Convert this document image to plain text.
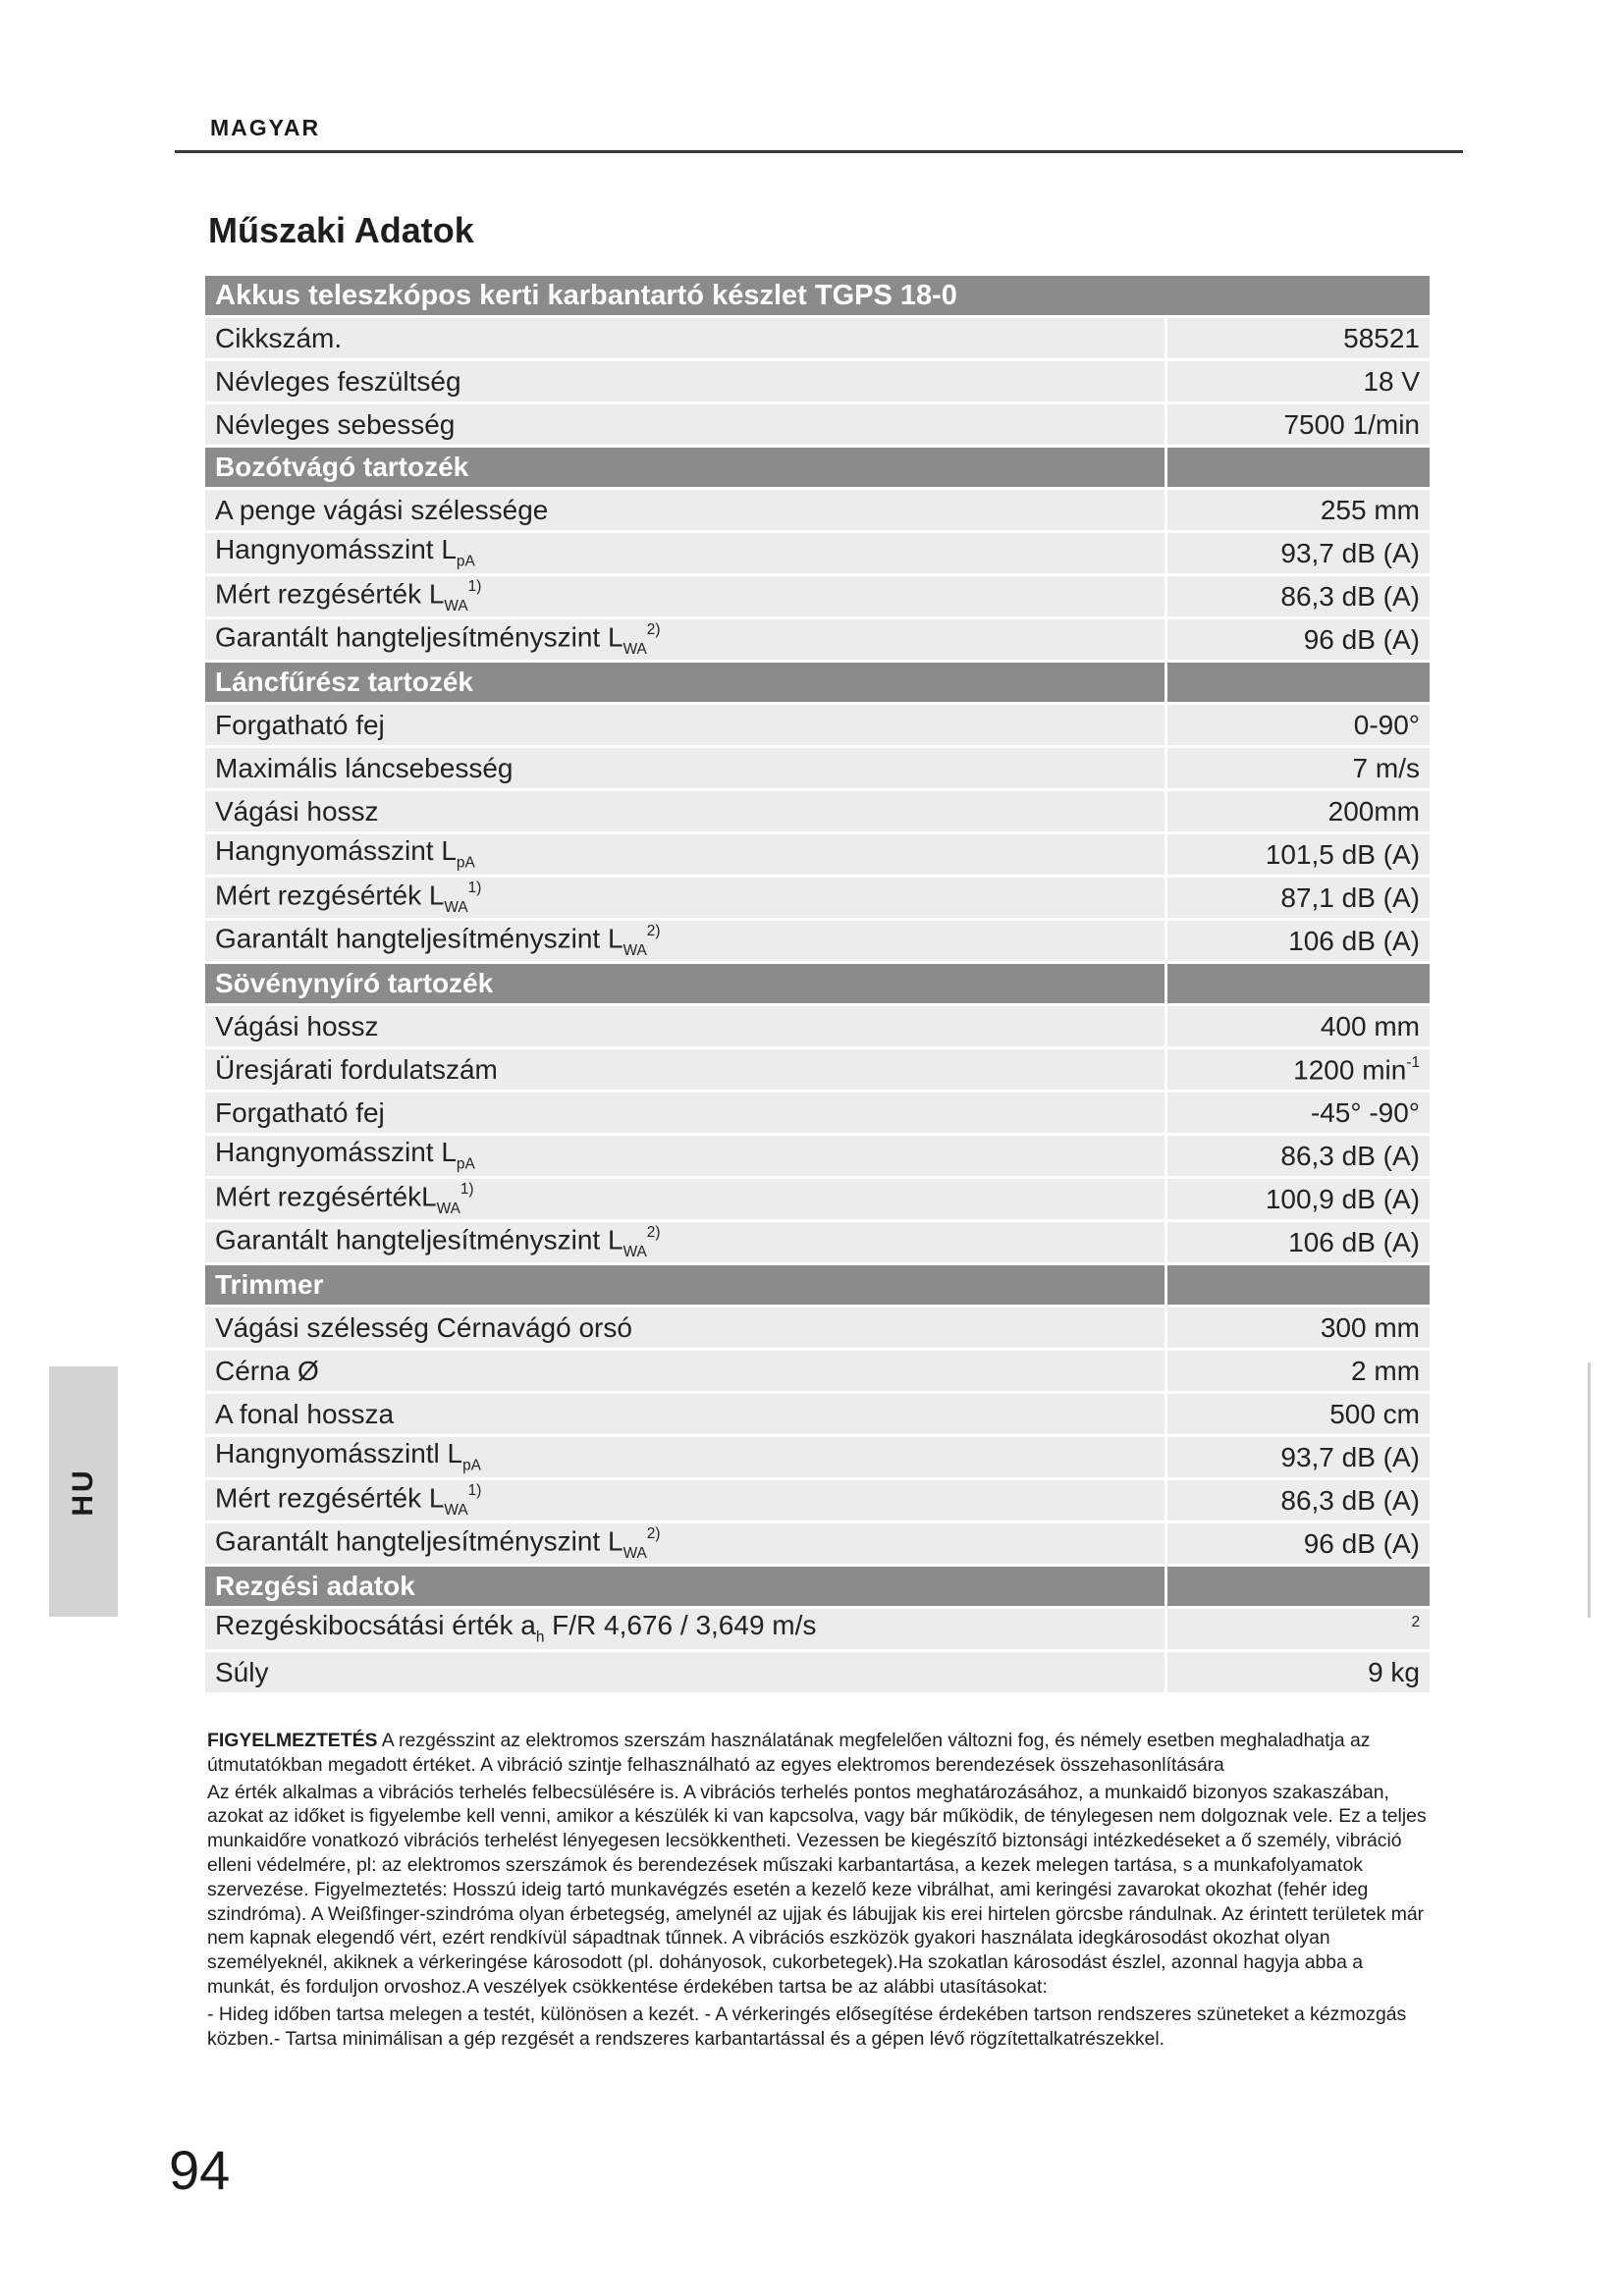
MAGYAR
Műszaki Adatok
Akkus teleszkópos kerti karbantartó készlet TGPS 18-0	
Cikkszám.	58521
Névleges feszültség	18 V
Névleges sebesség	7500 1/min
Bozótvágó tartozék	
A penge vágási szélessége	255 mm
Hangnyomásszint $L_{pA}$	93,7 dB (A)
Mért rezgésérték $L_{WA}^{1)}$	86,3 dB (A)
Garantált hangteljesítményszint $L_{WA}^{2)}$	96 dB (A)
Láncfűrész tartozék	
Forgatható fej	0-90°
Maximális láncsebesség	7 m/s
Vágási hossz	200mm
Hangnyomásszint $L_{pA}$	101,5 dB (A)
Mért rezgésérték $L_{WA}^{1)}$	87,1 dB (A)
Garantált hangteljesítményszint $L_{WA}^{2)}$	106 dB (A)
Sövénynyíró tartozék	
Vágási hossz	400 mm
Üresjárati fordulatszám	1200 $\min^{-1}$
Forgatható fej	-45° -90°
Hangnyomásszint $L_{pA}$	86,3 dB (A)
Mért rezgésértékL$_{WA}^{1)}$	100,9 dB (A)
Garantált hangteljesítményszint $L_{WA}^{2)}$	106 dB (A)
Trimmer	
Vágási szélesség Cérnavágó orsó	300 mm
Cérna Ø	2 mm
A fonal hossza	500 cm
Hangnyomásszintl $L_{pA}$	93,7 dB (A)
Mért rezgésérték $L_{WA}^{1)}$	86,3 dB (A)
Garantált hangteljesítményszint $L_{WA}^{2)}$	96 dB (A)
Rezgési adatok	
Rezgéskibocsátási érték $a_h$ F/R 4,676 / 3,649 m/s	$^2$
Súly	9 kg

FIGYELMEZTETÉS A rezgésszint az elektromos szerszám használatának megfelelően változni fog, és némely esetben meghaladhatja az útmutatókban megadott értéket. A vibráció szintje felhasználható az egyes elektromos berendezések összehasonlítására

Az érték alkalmas a vibrációs terhelés felbecsülésére is. A vibrációs terhelés pontos meghatározásához, a munkaidő bizonyos szakaszában, azokat az időket is figyelembe kell venni, amikor a készülék ki van kapcsolva, vagy bár működik, de ténylegesen nem dolgoznak vele. Ez a teljes munkaidőre vonatkozó vibrációs terhelést lényegesen lecsökkentheti. Vezessen be kiegészítő biztonsági intézkedéseket a ő személy, vibráció elleni védelmére, pl: az elektromos szerszámok és berendezések műszaki karbantartása, a kezek melegen tartása, s a munkafolyamatok szervezése. Figyelmeztetés: Hosszú ideig tartó munkavégzés esetén a kezelő keze vibrálhat, ami keringési zavarokat okozhat (fehér ideg szindróma). A Weißfinger-szindróma olyan érbetegség, amelynél az ujjak és lábujjak kis erei hirtelen görcsbe rándulnak. Az érintett területek már nem kapnak elegendő vért, ezért rendkívül sápadtnak tűnnek. A vibrációs eszközök gyakori használata idegkárosodást okozhat olyan személyeknél, akiknek a vérkeringése károsodott (pl. dohányosok, cukorbetegek).Ha szokatlan károsodást észlel, azonnal hagyja abba a munkát, és forduljon orvoshoz.A veszélyek csökkentése érdekében tartsa be az alábbi utasításokat:

- Hideg időben tartsa melegen a testét, különösen a kezét. - A vérkeringés elősegítése érdekében tartson rendszeres szüneteket a kézmozgás közben.- Tartsa minimálisan a gép rezgését a rendszeres karbantartással és a gépen lévő rögzítettalkatrészekkel.

HU
94
